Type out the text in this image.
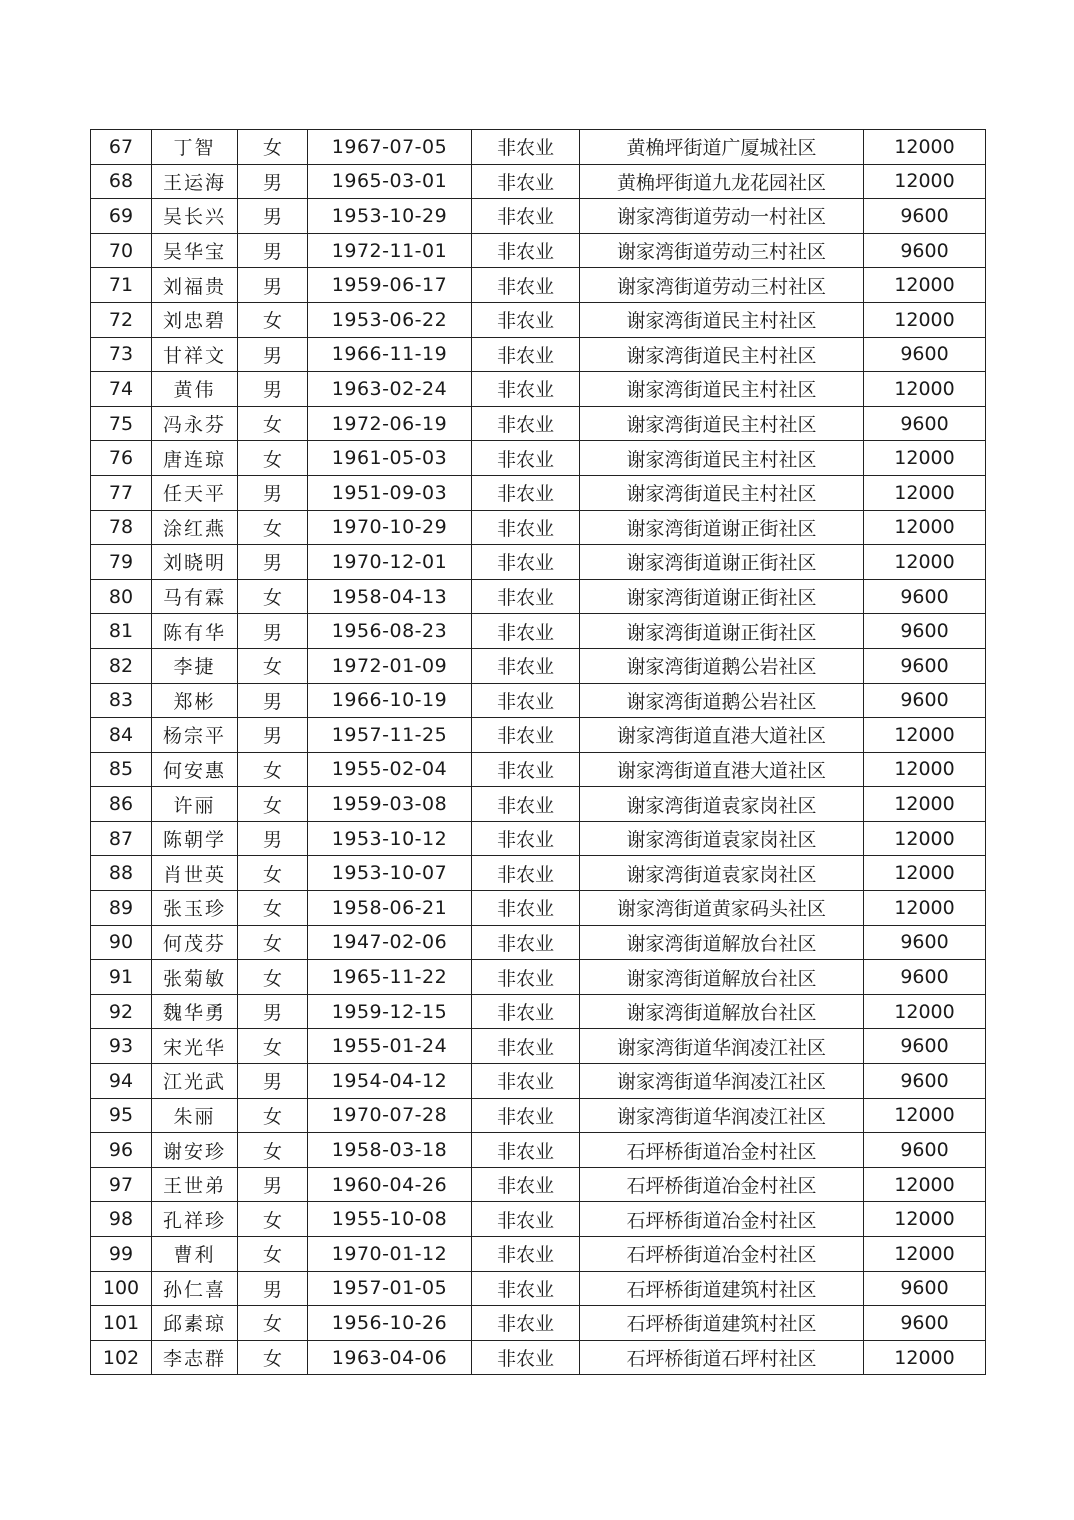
67	丁智	女	1967-07-05	非农业	黄桷坪街道广厦城社区	12000
68	王运海	男	1965-03-01	非农业	黄桷坪街道九龙花园社区	12000
69	吴长兴	男	1953-10-29	非农业	谢家湾街道劳动一村社区	9600
70	吴华宝	男	1972-11-01	非农业	谢家湾街道劳动三村社区	9600
71	刘福贵	男	1959-06-17	非农业	谢家湾街道劳动三村社区	12000
72	刘忠碧	女	1953-06-22	非农业	谢家湾街道民主村社区	12000
73	甘祥文	男	1966-11-19	非农业	谢家湾街道民主村社区	9600
74	黄伟	男	1963-02-24	非农业	谢家湾街道民主村社区	12000
75	冯永芬	女	1972-06-19	非农业	谢家湾街道民主村社区	9600
76	唐连琼	女	1961-05-03	非农业	谢家湾街道民主村社区	12000
77	任天平	男	1951-09-03	非农业	谢家湾街道民主村社区	12000
78	涂红燕	女	1970-10-29	非农业	谢家湾街道谢正街社区	12000
79	刘晓明	男	1970-12-01	非农业	谢家湾街道谢正街社区	12000
80	马有霖	女	1958-04-13	非农业	谢家湾街道谢正街社区	9600
81	陈有华	男	1956-08-23	非农业	谢家湾街道谢正街社区	9600
82	李捷	女	1972-01-09	非农业	谢家湾街道鹅公岩社区	9600
83	郑彬	男	1966-10-19	非农业	谢家湾街道鹅公岩社区	9600
84	杨宗平	男	1957-11-25	非农业	谢家湾街道直港大道社区	12000
85	何安惠	女	1955-02-04	非农业	谢家湾街道直港大道社区	12000
86	许丽	女	1959-03-08	非农业	谢家湾街道袁家岗社区	12000
87	陈朝学	男	1953-10-12	非农业	谢家湾街道袁家岗社区	12000
88	肖世英	女	1953-10-07	非农业	谢家湾街道袁家岗社区	12000
89	张玉珍	女	1958-06-21	非农业	谢家湾街道黄家码头社区	12000
90	何茂芬	女	1947-02-06	非农业	谢家湾街道解放台社区	9600
91	张菊敏	女	1965-11-22	非农业	谢家湾街道解放台社区	9600
92	魏华勇	男	1959-12-15	非农业	谢家湾街道解放台社区	12000
93	宋光华	女	1955-01-24	非农业	谢家湾街道华润凌江社区	9600
94	江光武	男	1954-04-12	非农业	谢家湾街道华润凌江社区	9600
95	朱丽	女	1970-07-28	非农业	谢家湾街道华润凌江社区	12000
96	谢安珍	女	1958-03-18	非农业	石坪桥街道冶金村社区	9600
97	王世弟	男	1960-04-26	非农业	石坪桥街道冶金村社区	12000
98	孔祥珍	女	1955-10-08	非农业	石坪桥街道冶金村社区	12000
99	曹利	女	1970-01-12	非农业	石坪桥街道冶金村社区	12000
100	孙仁喜	男	1957-01-05	非农业	石坪桥街道建筑村社区	9600
101	邱素琼	女	1956-10-26	非农业	石坪桥街道建筑村社区	9600
102	李志群	女	1963-04-06	非农业	石坪桥街道石坪村社区	12000
